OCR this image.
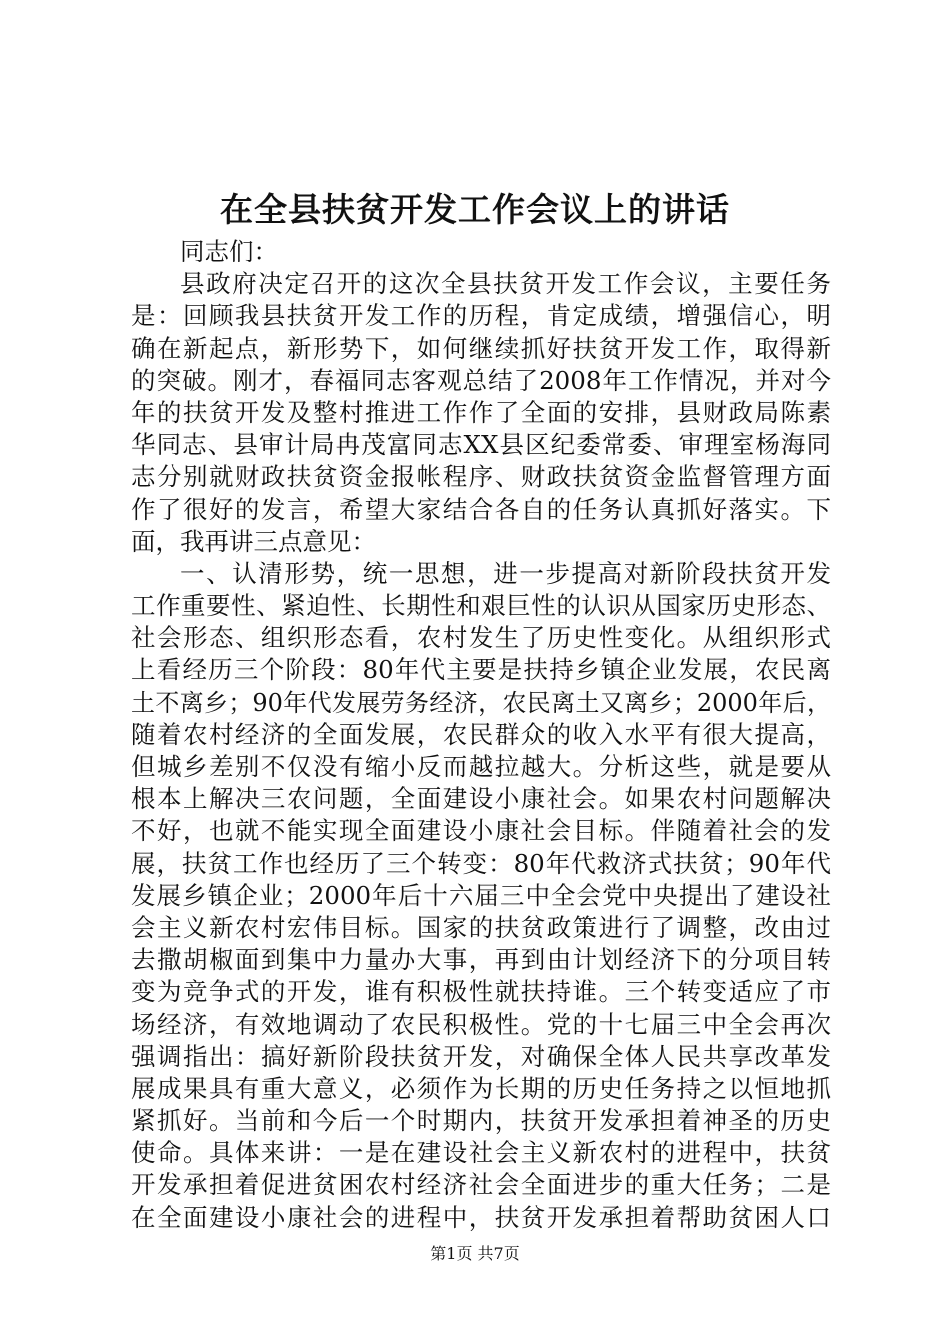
在全县扶贫开发工作会议上的讲话
同志们：
县政府决定召开的这次全县扶贫开发工作会议，主要任务
是：回顾我县扶贫开发工作的历程，肯定成绩，增强信心，明
确在新起点，新形势下，如何继续抓好扶贫开发工作，取得新
的突破。刚才，春福同志客观总结了2008年工作情况，并对今
年的扶贫开发及整村推进工作作了全面的安排，县财政局陈素
华同志、县审计局冉茂富同志XX县区纪委常委、审理室杨海同
志分别就财政扶贫资金报帐程序、财政扶贫资金监督管理方面
作了很好的发言，希望大家结合各自的任务认真抓好落实。下
面，我再讲三点意见：
一、认清形势，统一思想，进一步提高对新阶段扶贫开发
工作重要性、紧迫性、长期性和艰巨性的认识从国家历史形态、
社会形态、组织形态看，农村发生了历史性变化。从组织形式
上看经历三个阶段：80年代主要是扶持乡镇企业发展，农民离
土不离乡；90年代发展劳务经济，农民离土又离乡；2000年后，
随着农村经济的全面发展，农民群众的收入水平有很大提高，
但城乡差别不仅没有缩小反而越拉越大。分析这些，就是要从
根本上解决三农问题，全面建设小康社会。如果农村问题解决
不好，也就不能实现全面建设小康社会目标。伴随着社会的发
展，扶贫工作也经历了三个转变：80年代救济式扶贫；90年代
发展乡镇企业；2000年后十六届三中全会党中央提出了建设社
会主义新农村宏伟目标。国家的扶贫政策进行了调整，改由过
去撒胡椒面到集中力量办大事，再到由计划经济下的分项目转
变为竞争式的开发，谁有积极性就扶持谁。三个转变适应了市
场经济，有效地调动了农民积极性。党的十七届三中全会再次
强调指出：搞好新阶段扶贫开发，对确保全体人民共享改革发
展成果具有重大意义，必须作为长期的历史任务持之以恒地抓
紧抓好。当前和今后一个时期内，扶贫开发承担着神圣的历史
使命。具体来讲：一是在建设社会主义新农村的进程中，扶贫
开发承担着促进贫困农村经济社会全面进步的重大任务；二是
在全面建设小康社会的进程中，扶贫开发承担着帮助贫困人口
第1页 共7页
